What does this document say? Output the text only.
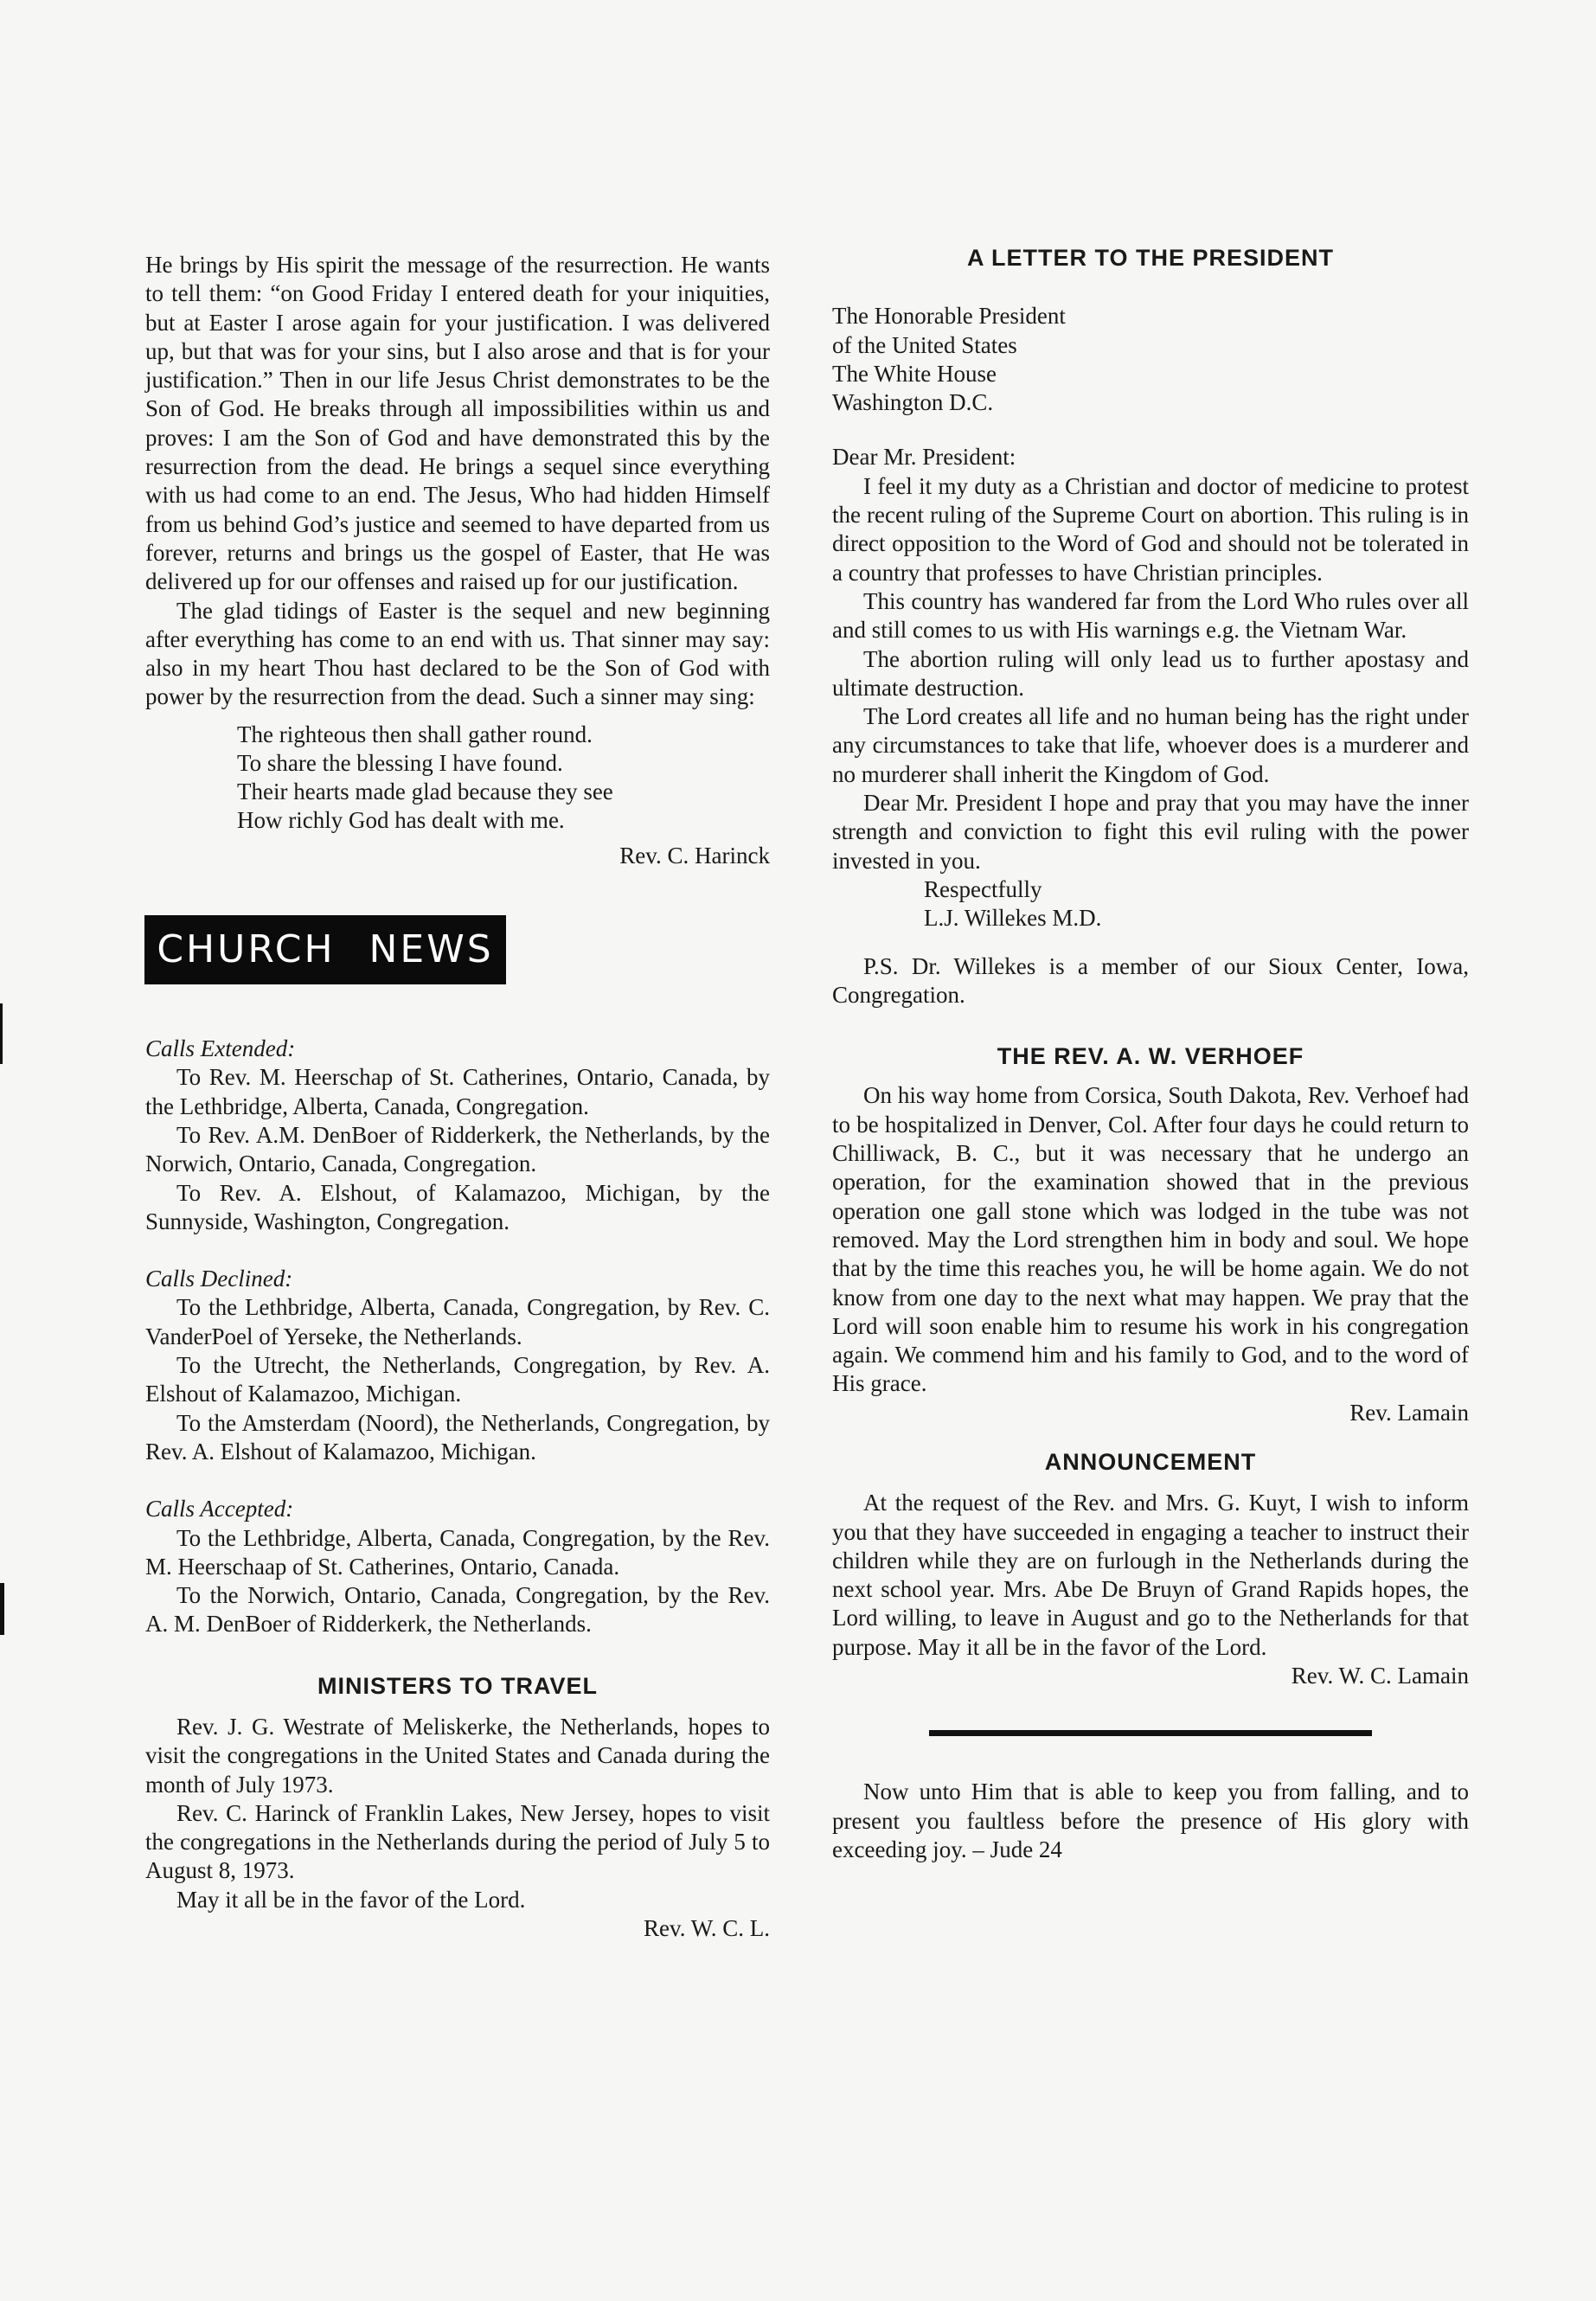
He brings by His spirit the message of the resurrection. He wants to tell them: “on Good Friday I entered death for your iniquities, but at Easter I arose again for your justification. I was delivered up, but that was for your sins, but I also arose and that is for your justification.” Then in our life Jesus Christ demonstrates to be the Son of God. He breaks through all impossibilities within us and proves: I am the Son of God and have demonstrated this by the resurrection from the dead. He brings a sequel since everything with us had come to an end. The Jesus, Who had hidden Himself from us behind God’s justice and seemed to have departed from us forever, returns and brings us the gospel of Easter, that He was delivered up for our offenses and raised up for our justification.

The glad tidings of Easter is the sequel and new beginning after everything has come to an end with us. That sinner may say: also in my heart Thou hast declared to be the Son of God with power by the resurrection from the dead. Such a sinner may sing:

The righteous then shall gather round.
To share the blessing I have found.
Their hearts made glad because they see
How richly God has dealt with me.

Rev. C. Harinck

CHURCH NEWS

Calls Extended:

To Rev. M. Heerschap of St. Catherines, Ontario, Canada, by the Lethbridge, Alberta, Canada, Congregation.

To Rev. A.M. DenBoer of Ridderkerk, the Netherlands, by the Norwich, Ontario, Canada, Congregation.

To Rev. A. Elshout, of Kalamazoo, Michigan, by the Sunnyside, Washington, Congregation.

Calls Declined:

To the Lethbridge, Alberta, Canada, Congregation, by Rev. C. VanderPoel of Yerseke, the Netherlands.

To the Utrecht, the Netherlands, Congregation, by Rev. A. Elshout of Kalamazoo, Michigan.

To the Amsterdam (Noord), the Netherlands, Congregation, by Rev. A. Elshout of Kalamazoo, Michigan.

Calls Accepted:

To the Lethbridge, Alberta, Canada, Congregation, by the Rev. M. Heerschaap of St. Catherines, Ontario, Canada.

To the Norwich, Ontario, Canada, Congregation, by the Rev. A. M. DenBoer of Ridderkerk, the Netherlands.

MINISTERS TO TRAVEL

Rev. J. G. Westrate of Meliskerke, the Netherlands, hopes to visit the congregations in the United States and Canada during the month of July 1973.

Rev. C. Harinck of Franklin Lakes, New Jersey, hopes to visit the congregations in the Netherlands during the period of July 5 to August 8, 1973.

May it all be in the favor of the Lord.

Rev. W. C. L.

A LETTER TO THE PRESIDENT
The Honorable President
of the United States
The White House
Washington D.C.

Dear Mr. President:

I feel it my duty as a Christian and doctor of medicine to protest the recent ruling of the Supreme Court on abortion. This ruling is in direct opposition to the Word of God and should not be tolerated in a country that professes to have Christian principles.

This country has wandered far from the Lord Who rules over all and still comes to us with His warnings e.g. the Vietnam War.

The abortion ruling will only lead us to further apostasy and ultimate destruction.

The Lord creates all life and no human being has the right under any circumstances to take that life, whoever does is a murderer and no murderer shall inherit the Kingdom of God.

Dear Mr. President I hope and pray that you may have the inner strength and conviction to fight this evil ruling with the power invested in you.

Respectfully
L.J. Willekes M.D.

P.S. Dr. Willekes is a member of our Sioux Center, Iowa, Congregation.

THE REV. A. W. VERHOEF

On his way home from Corsica, South Dakota, Rev. Verhoef had to be hospitalized in Denver, Col. After four days he could return to Chilliwack, B. C., but it was necessary that he undergo an operation, for the examination showed that in the previous operation one gall stone which was lodged in the tube was not removed. May the Lord strengthen him in body and soul. We hope that by the time this reaches you, he will be home again. We do not know from one day to the next what may happen. We pray that the Lord will soon enable him to resume his work in his congregation again. We commend him and his family to God, and to the word of His grace.

Rev. Lamain

ANNOUNCEMENT

At the request of the Rev. and Mrs. G. Kuyt, I wish to inform you that they have succeeded in engaging a teacher to instruct their children while they are on furlough in the Netherlands during the next school year. Mrs. Abe De Bruyn of Grand Rapids hopes, the Lord willing, to leave in August and go to the Netherlands for that purpose. May it all be in the favor of the Lord.

Rev. W. C. Lamain

Now unto Him that is able to keep you from falling, and to present you faultless before the presence of His glory with exceeding joy. – Jude 24
